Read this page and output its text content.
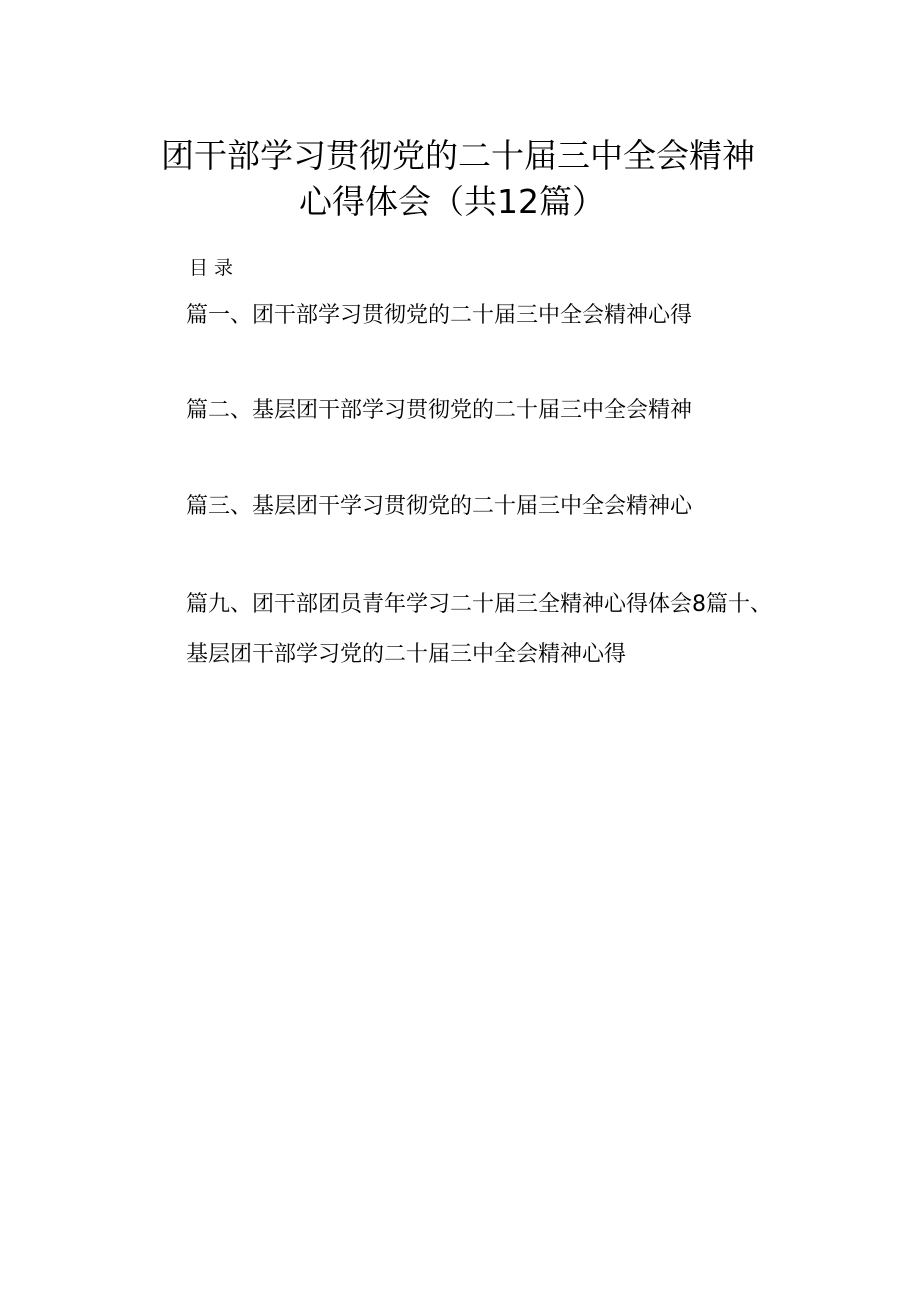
团干部学习贯彻党的二十届三中全会精神
心得体会（共12篇）
目录
篇一、团干部学习贯彻党的二十届三中全会精神心得
篇二、基层团干部学习贯彻党的二十届三中全会精神
篇三、基层团干学习贯彻党的二十届三中全会精神心
篇九、团干部团员青年学习二十届三全精神心得体会8篇十、
基层团干部学习党的二十届三中全会精神心得
